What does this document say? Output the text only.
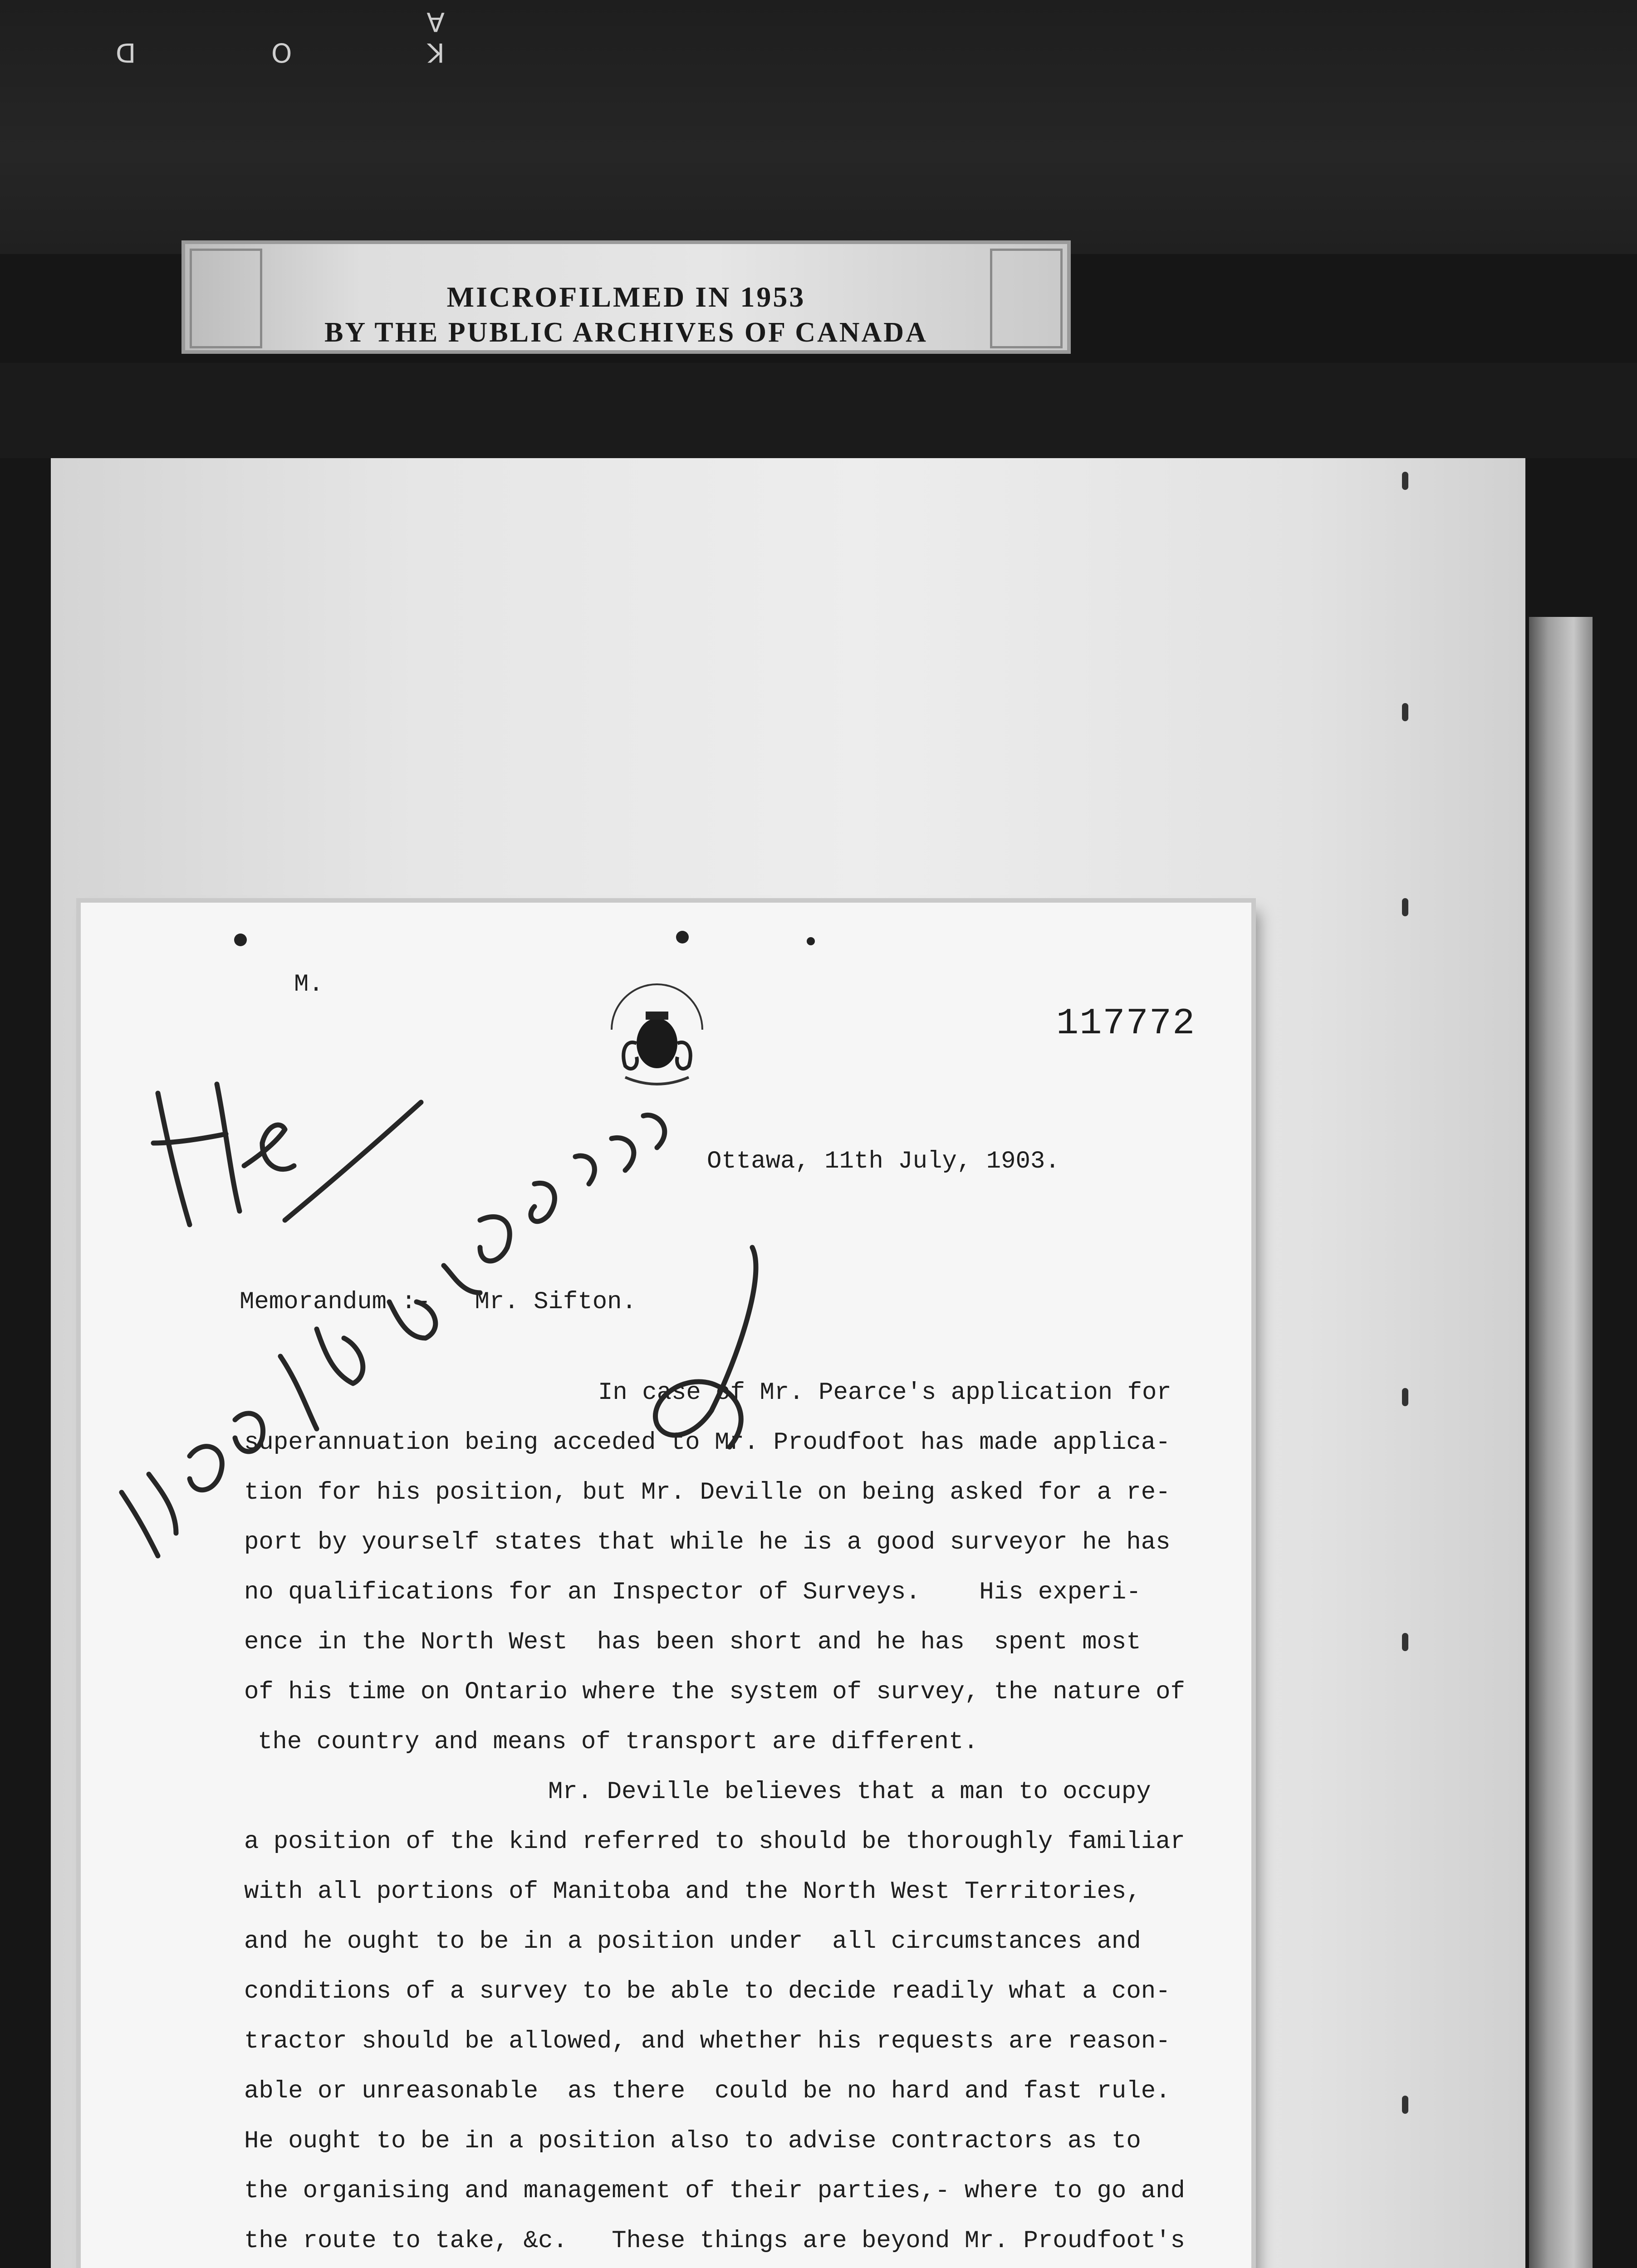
K O D A
MICROFILMED IN 1953
BY THE PUBLIC ARCHIVES OF CANADA
M.
117772
Ottawa, 11th July, 1903.
Memorandum :-   Mr. Sifton.
In case of Mr. Pearce's application for
superannuation being acceded to Mr. Proudfoot has made applica-
tion for his position, but Mr. Deville on being asked for a re-
port by yourself states that while he is a good surveyor he has
no qualifications for an Inspector of Surveys.    His experi-
ence in the North West  has been short and he has  spent most
of his time on Ontario where the system of survey, the nature of
the country and means of transport are different.
Mr. Deville believes that a man to occupy
a position of the kind referred to should be thoroughly familiar
with all portions of Manitoba and the North West Territories,
and he ought to be in a position under  all circumstances and
conditions of a survey to be able to decide readily what a con-
tractor should be allowed, and whether his requests are reason-
able or unreasonable  as there  could be no hard and fast rule.
He ought to be in a position also to advise contractors as to
the organising and management of their parties,- where to go and
the route to take, &c.   These things are beyond Mr. Proudfoot's
